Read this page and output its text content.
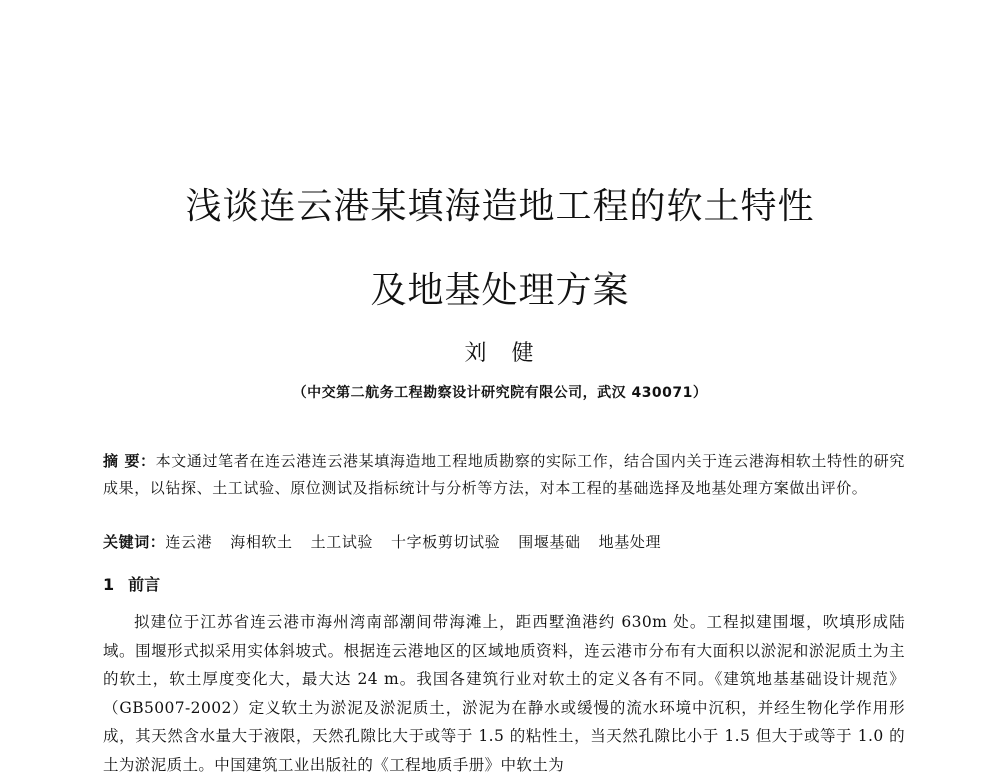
浅谈连云港某填海造地工程的软土特性
及地基处理方案
刘 健
（中交第二航务工程勘察设计研究院有限公司，武汉 430071）
摘 要：本文通过笔者在连云港连云港某填海造地工程地质勘察的实际工作，结合国内关于连云港海相软土特性的研究成果，以钻探、土工试验、原位测试及指标统计与分析等方法，对本工程的基础选择及地基处理方案做出评价。
关键词：连云港 海相软土 土工试验 十字板剪切试验 围堰基础 地基处理
1 前言

拟建位于江苏省连云港市海州湾南部潮间带海滩上，距西墅渔港约 630m 处。工程拟建围堰，吹填形成陆域。围堰形式拟采用实体斜坡式。根据连云港地区的区域地质资料，连云港市分布有大面积以淤泥和淤泥质土为主的软土，软土厚度变化大，最大达 24 m。我国各建筑行业对软土的定义各有不同。《建筑地基基础设计规范》（GB5007-2002）定义软土为淤泥及淤泥质土，淤泥为在静水或缓慢的流水环境中沉积，并经生物化学作用形成，其天然含水量大于液限，天然孔隙比大于或等于 1.5 的粘性土，当天然孔隙比小于 1.5 但大于或等于 1.0 的土为淤泥质土。中国建筑工业出版社的《工程地质手册》中软土为
